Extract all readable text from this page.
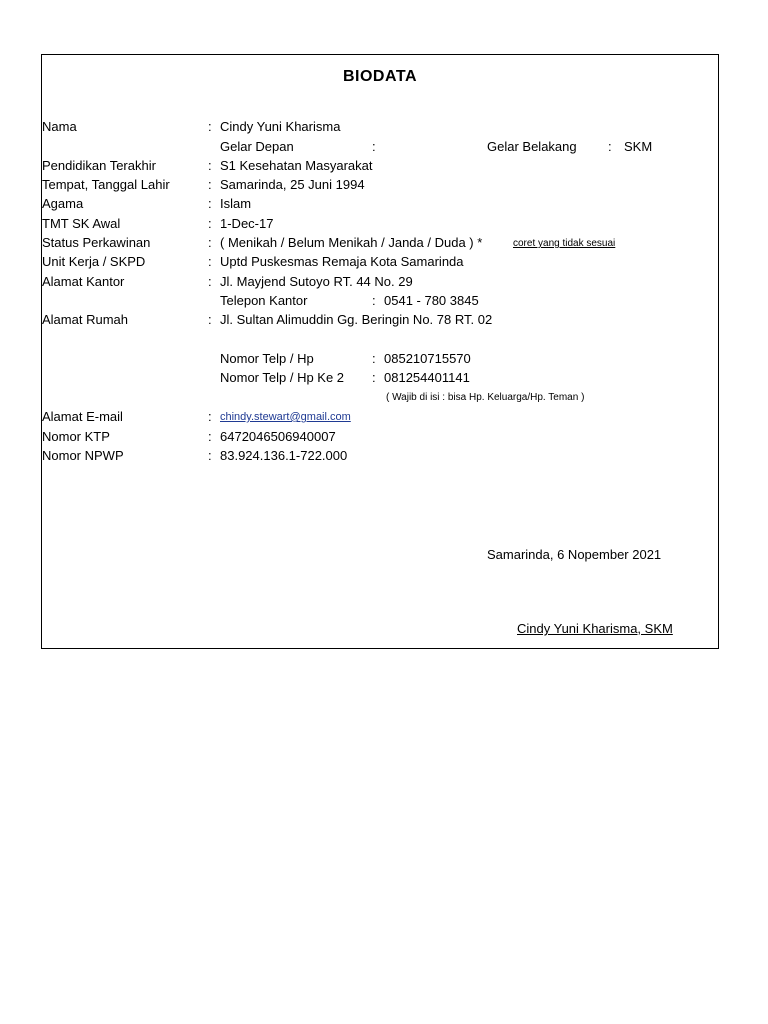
BIODATA
Nama	: Cindy Yuni Kharisma
Gelar Depan	:	Gelar Belakang : SKM
Pendidikan Terakhir	: S1 Kesehatan Masyarakat
Tempat, Tanggal Lahir	: Samarinda, 25 Juni 1994
Agama	: Islam
TMT SK Awal	: 1-Dec-17
Status Perkawinan	: ( Menikah / Belum Menikah / Janda / Duda ) *	coret yang tidak sesuai
Unit Kerja / SKPD	: Uptd Puskesmas Remaja Kota Samarinda
Alamat Kantor	: Jl. Mayjend Sutoyo RT. 44 No. 29
Telepon Kantor	: 0541 - 780 3845
Alamat Rumah	: Jl. Sultan Alimuddin Gg. Beringin No. 78 RT. 02
Nomor Telp / Hp	: 085210715570
Nomor Telp / Hp Ke 2 : 081254401141
( Wajib di isi : bisa Hp. Keluarga/Hp. Teman )
Alamat E-mail	: chindy.stewart@gmail.com
Nomor KTP	: 6472046506940007
Nomor NPWP	: 83.924.136.1-722.000
Samarinda, 6 Nopember 2021
Cindy Yuni Kharisma, SKM
